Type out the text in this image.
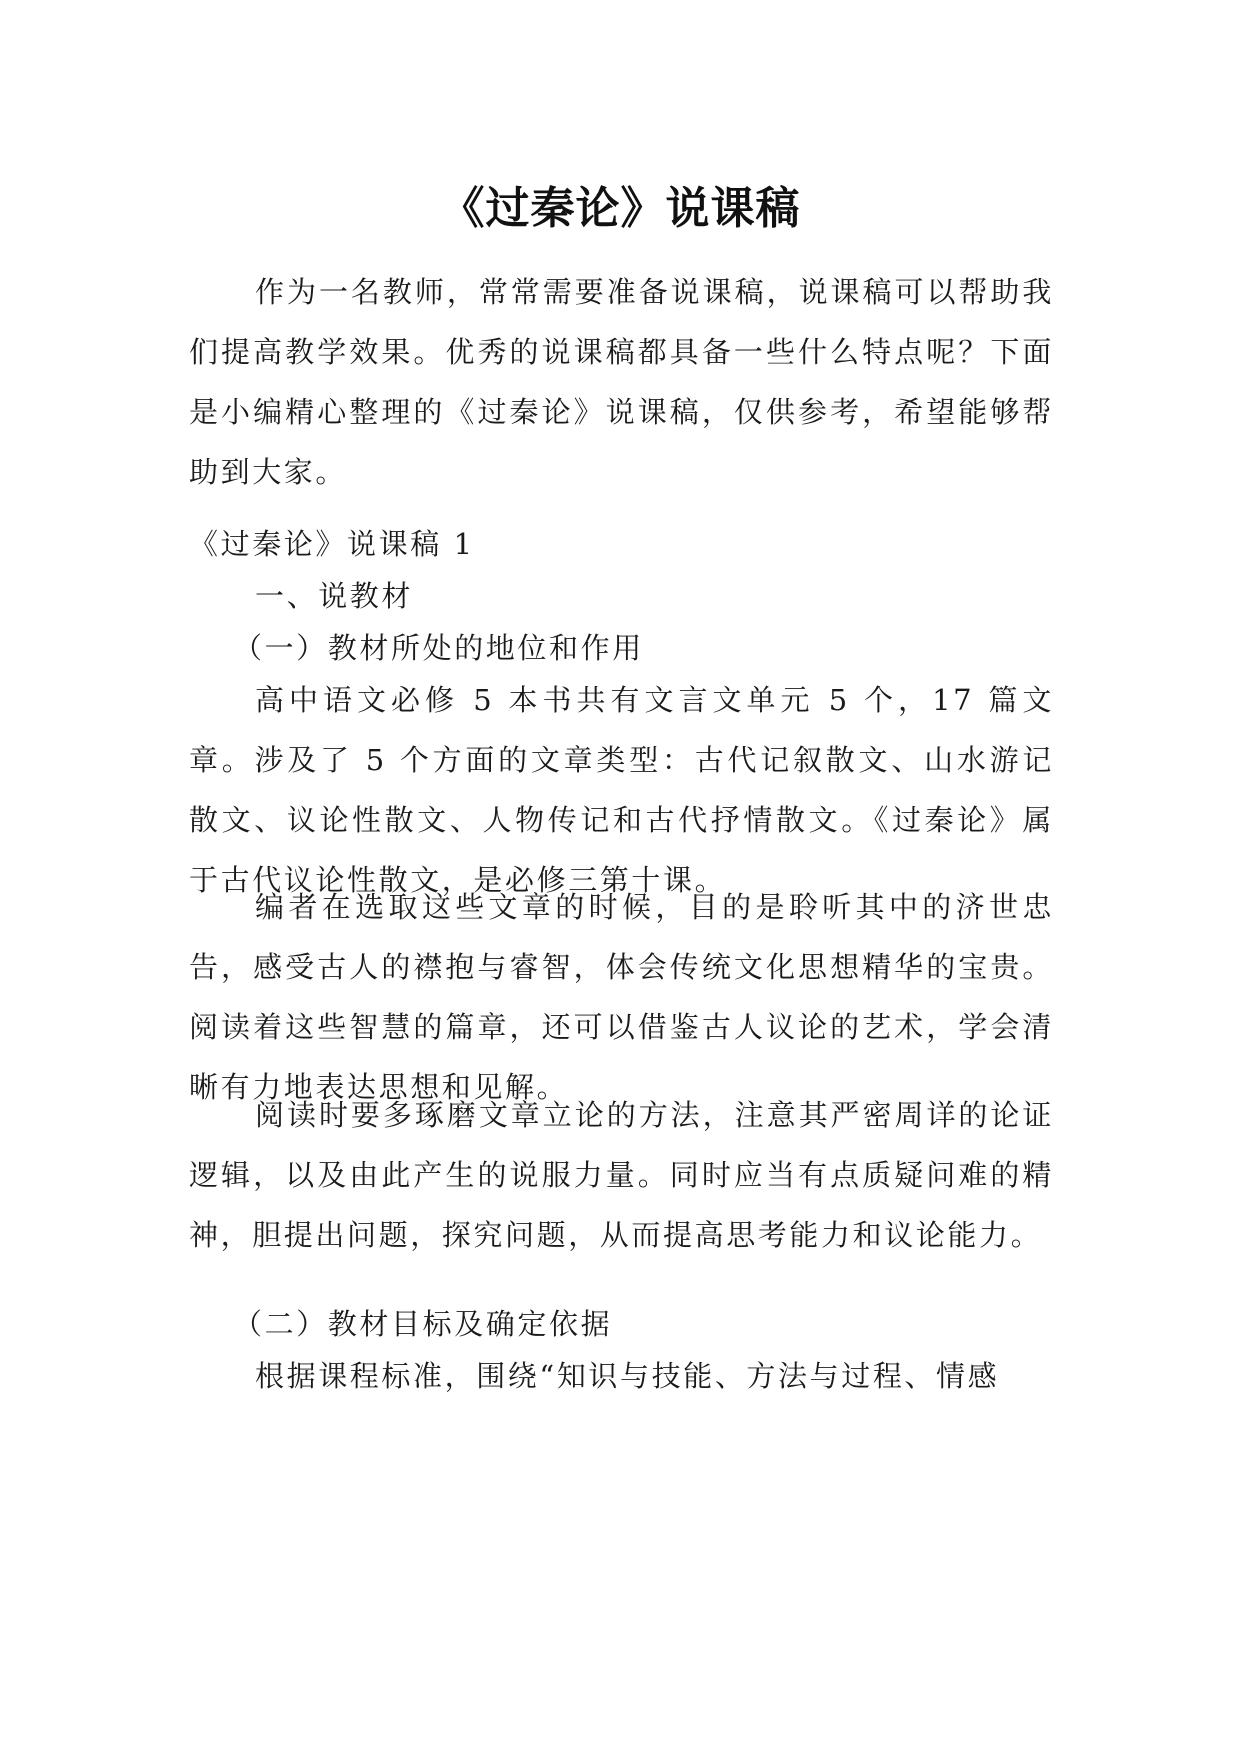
《过秦论》说课稿

作为一名教师，常常需要准备说课稿，说课稿可以帮助我们提高教学效果。优秀的说课稿都具备一些什么特点呢？下面是小编精心整理的《过秦论》说课稿，仅供参考，希望能够帮助到大家。

《过秦论》说课稿 1

一、说教材

（一）教材所处的地位和作用

高中语文必修 5 本书共有文言文单元 5 个，17 篇文章。涉及了 5 个方面的文章类型：古代记叙散文、山水游记散文、议论性散文、人物传记和古代抒情散文。《过秦论》属于古代议论性散文，是必修三第十课。

编者在选取这些文章的时候，目的是聆听其中的济世忠告，感受古人的襟抱与睿智，体会传统文化思想精华的宝贵。阅读着这些智慧的篇章，还可以借鉴古人议论的艺术，学会清晰有力地表达思想和见解。

阅读时要多琢磨文章立论的方法，注意其严密周详的论证逻辑，以及由此产生的说服力量。同时应当有点质疑问难的精神，胆提出问题，探究问题，从而提高思考能力和议论能力。

（二）教材目标及确定依据

根据课程标准，围绕“知识与技能、方法与过程、情感
